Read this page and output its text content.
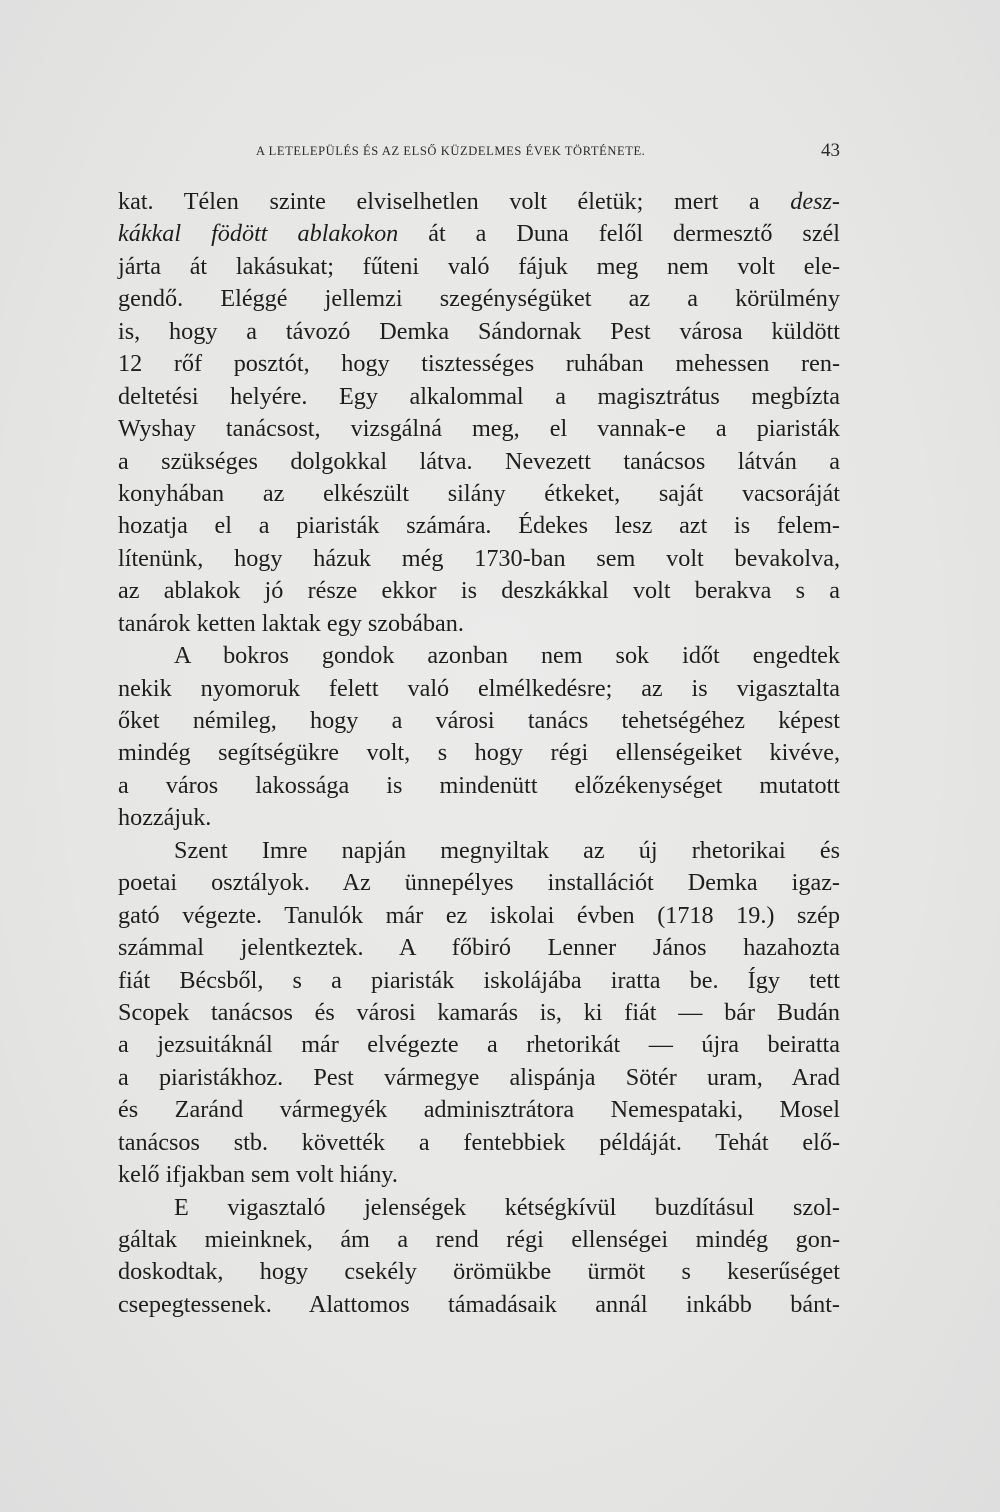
A LETELEPÜLÉS ÉS AZ ELSŐ KÜZDELMES ÉVEK TÖRTÉNETE.	43
kat. Télen szinte elviselhetlen volt életük; mert a desz-
kákkal födött ablakokon át a Duna felől dermesztő szél
járta át lakásukat; fűteni való fájuk meg nem volt ele-
gendő. Eléggé jellemzi szegénységüket az a körülmény
is, hogy a távozó Demka Sándornak Pest városa küldött
12 rőf posztót, hogy tisztességes ruhában mehessen ren-
deltetési helyére. Egy alkalommal a magisztrátus megbízta
Wyshay tanácsost, vizsgálná meg, el vannak-e a piaristák
a szükséges dolgokkal látva. Nevezett tanácsos látván a
konyhában az elkészült silány étkeket, saját vacsoráját
hozatja el a piaristák számára. Édekes lesz azt is felem-
lítenünk, hogy házuk még 1730-ban sem volt bevakolva,
az ablakok jó része ekkor is deszkákkal volt berakva s a
tanárok ketten laktak egy szobában.
A bokros gondok azonban nem sok időt engedtek
nekik nyomoruk felett való elmélkedésre; az is vigasztalta
őket némileg, hogy a városi tanács tehetségéhez képest
mindég segítségükre volt, s hogy régi ellenségeiket kivéve,
a város lakossága is mindenütt előzékenységet mutatott
hozzájuk.
Szent Imre napján megnyiltak az új rhetorikai és
poetai osztályok. Az ünnepélyes installációt Demka igaz-
gató végezte. Tanulók már ez iskolai évben (1718 19.) szép
számmal jelentkeztek. A főbiró Lenner János hazahozta
fiát Bécsből, s a piaristák iskolájába iratta be. Így tett
Scopek tanácsos és városi kamarás is, ki fiát — bár Budán
a jezsuitáknál már elvégezte a rhetorikát — újra beiratta
a piaristákhoz. Pest vármegye alispánja Sötér uram, Arad
és Zaránd vármegyék adminisztrátora Nemespataki, Mosel
tanácsos stb. követték a fentebbiek példáját. Tehát elő-
kelő ifjakban sem volt hiány.
E vigasztaló jelenségek kétségkívül buzdításul szol-
gáltak mieinknek, ám a rend régi ellenségei mindég gon-
doskodtak, hogy csekély örömükbe ürmöt s keserűséget
csepegtessenek. Alattomos támadásaik annál inkább bánt-
